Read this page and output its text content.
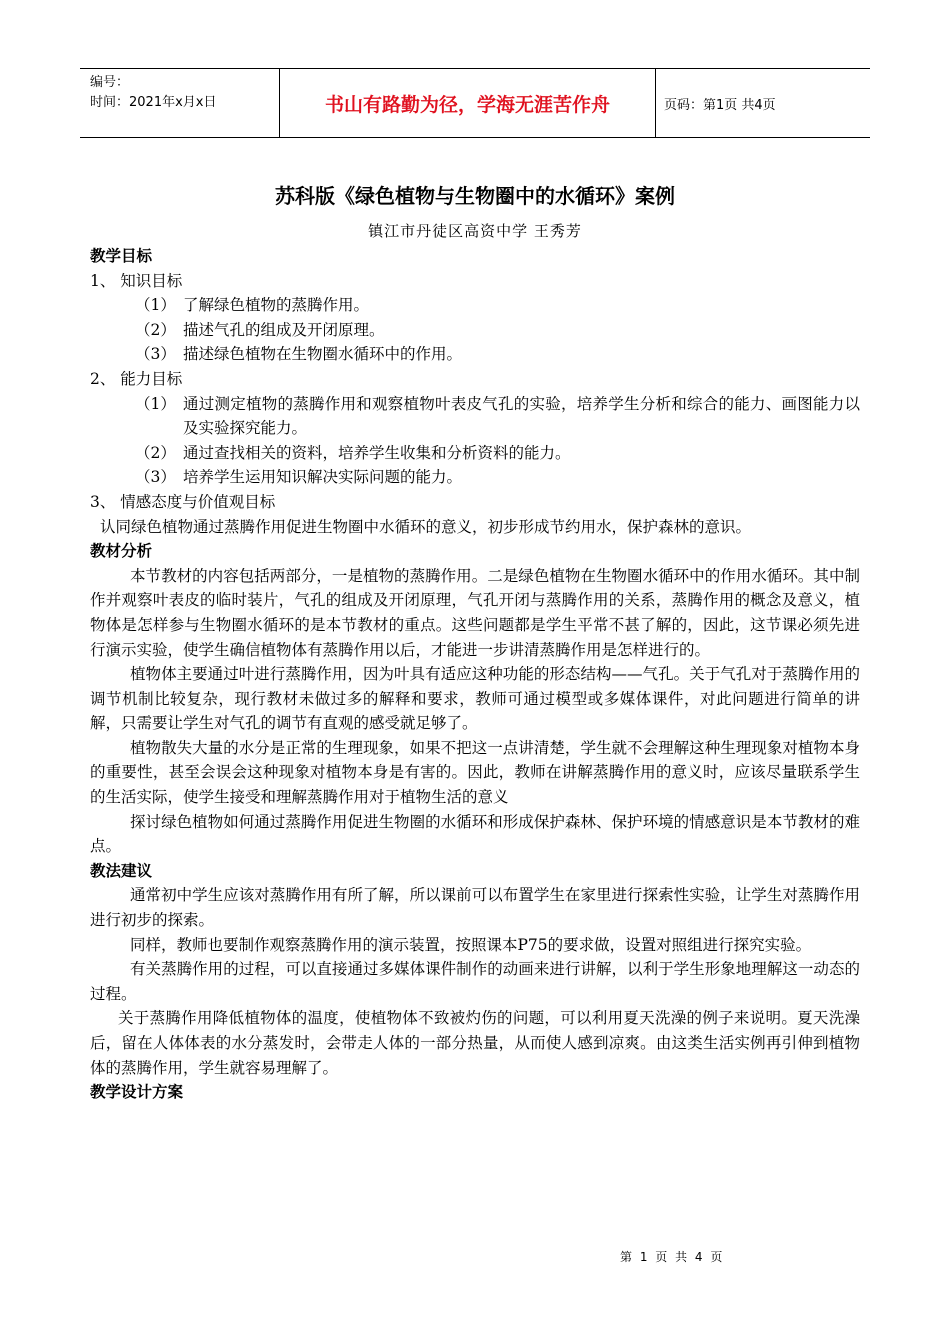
编号：
时间：2021年x月x日	书山有路勤为径，学海无涯苦作舟	页码：第1页 共4页
苏科版《绿色植物与生物圈中的水循环》案例
镇江市丹徒区高资中学 王秀芳

教学目标

1、 知识目标

（1） 了解绿色植物的蒸腾作用。
（2） 描述气孔的组成及开闭原理。
（3） 描述绿色植物在生物圈水循环中的作用。

2、 能力目标

（1） 通过测定植物的蒸腾作用和观察植物叶表皮气孔的实验，培养学生分析和综合的能力、画图能力以及实验探究能力。
（2） 通过查找相关的资料，培养学生收集和分析资料的能力。
（3） 培养学生运用知识解决实际问题的能力。

3、 情感态度与价值观目标

认同绿色植物通过蒸腾作用促进生物圈中水循环的意义，初步形成节约用水，保护森林的意识。

教材分析

本节教材的内容包括两部分，一是植物的蒸腾作用。二是绿色植物在生物圈水循环中的作用水循环。其中制作并观察叶表皮的临时装片，气孔的组成及开闭原理，气孔开闭与蒸腾作用的关系，蒸腾作用的概念及意义，植物体是怎样参与生物圈水循环的是本节教材的重点。这些问题都是学生平常不甚了解的，因此，这节课必须先进行演示实验，使学生确信植物体有蒸腾作用以后，才能进一步讲清蒸腾作用是怎样进行的。

植物体主要通过叶进行蒸腾作用，因为叶具有适应这种功能的形态结构——气孔。关于气孔对于蒸腾作用的调节机制比较复杂，现行教材未做过多的解释和要求，教师可通过模型或多媒体课件，对此问题进行简单的讲解，只需要让学生对气孔的调节有直观的感受就足够了。

植物散失大量的水分是正常的生理现象，如果不把这一点讲清楚，学生就不会理解这种生理现象对植物本身的重要性，甚至会误会这种现象对植物本身是有害的。因此，教师在讲解蒸腾作用的意义时，应该尽量联系学生的生活实际，使学生接受和理解蒸腾作用对于植物生活的意义

探讨绿色植物如何通过蒸腾作用促进生物圈的水循环和形成保护森林、保护环境的情感意识是本节教材的难点。

教法建议

通常初中学生应该对蒸腾作用有所了解，所以课前可以布置学生在家里进行探索性实验，让学生对蒸腾作用进行初步的探索。

同样，教师也要制作观察蒸腾作用的演示装置，按照课本P75的要求做，设置对照组进行探究实验。

有关蒸腾作用的过程，可以直接通过多媒体课件制作的动画来进行讲解，以利于学生形象地理解这一动态的过程。

关于蒸腾作用降低植物体的温度，使植物体不致被灼伤的问题，可以利用夏天洗澡的例子来说明。夏天洗澡后，留在人体体表的水分蒸发时，会带走人体的一部分热量，从而使人感到凉爽。由这类生活实例再引伸到植物体的蒸腾作用，学生就容易理解了。

教学设计方案

第 1 页 共 4 页
